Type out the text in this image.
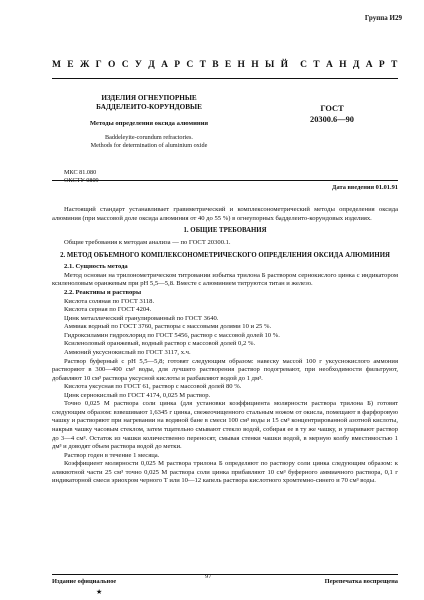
Группа И29
М Е Ж Г О С У Д А Р С Т В Е Н Н Ы Й С Т А Н Д А Р Т
ИЗДЕЛИЯ ОГНЕУПОРНЫЕ
БАДДЕЛЕИТО-КОРУНДОВЫЕ
Методы определения оксида алюминия
Baddeleyite-corundum refractories.
Methods for determination of aluminium oxide
ГОСТ
20300.6—90
МКС 81.080
ОКСТУ 0809
Дата введения 01.01.91

Настоящий стандарт устанавливает гравиметрический и комплексонометрический методы определения оксида алюминия (при массовой доле оксида алюминия от 40 до 55 %) в огнеупорных бадделеито-корундовых изделиях.

1. ОБЩИЕ ТРЕБОВАНИЯ

Общие требования к методам анализа — по ГОСТ 20300.1.

2. МЕТОД ОБЪЕМНОГО КОМПЛЕКСОНОМЕТРИЧЕСКОГО ОПРЕДЕЛЕНИЯ ОКСИДА АЛЮМИНИЯ

2.1. Сущность метода

Метод основан на трилонометрическом титровании избытка трилона Б раствором сернокислого цинка с индикатором ксиленоловым оранжевым при pH 5,5—5,8. Вместе с алюминием титруются титан и железо.

2.2. Реактивы и растворы

Кислота соляная по ГОСТ 3118.

Кислота серная по ГОСТ 4204.

Цинк металлический гранулированный по ГОСТ 3640.

Аммиак водный по ГОСТ 3760, растворы с массовыми долями 10 и 25 %.

Гидроксиламин гидрохлорид по ГОСТ 5456, раствор с массовой долей 10 %.

Ксиленоловый оранжевый, водный раствор с массовой долей 0,2 %.

Аммоний уксуснокислый по ГОСТ 3117, х.ч.

Раствор буферный с pH 5,5—5,8; готовят следующим образом: навеску массой 100 г уксуснокислого аммония растворяют в 300—400 см³ воды, для лучшего растворения раствор подогревают, при необходимости фильтруют, добавляют 10 см³ раствора уксусной кислоты и разбавляют водой до 1 дм³.

Кислота уксусная по ГОСТ 61, раствор с массовой долей 80 %.

Цинк сернокислый по ГОСТ 4174, 0,025 М раствор.

Точно 0,025 М раствора соли цинка (для установки коэффициента молярности раствора трилона Б) готовят следующим образом: взвешивают 1,6345 г цинка, свежеочищенного стальным ножом от окисла, помещают в фарфоровую чашку и растворяют при нагревании на водяной бане в смеси 100 см³ воды и 15 см³ концентрированной азотной кислоты, накрыв чашку часовым стеклом, затем тщательно смывают стекло водой, собирая ее в ту же чашку, и упаривают раствор до 3—4 см³. Остаток из чашки количественно переносят, смывая стенки чашки водой, в мерную колбу вместимостью 1 дм³ и доводят объем раствора водой до метки.

Раствор годен в течение 1 месяца.

Коэффициент молярности 0,025 М раствора трилона Б определяют по раствору соли цинка следующим образом: к аликвотной части 25 см³ точно 0,025 М раствора соли цинка прибавляют 10 см³ буферного аммиачного раствора, 0,1 г индикаторной смеси эриохром черного Т или 10—12 капель раствора кислотного хромтемно-синего и 70 см³ воды.

97
Издание официальное	Перепечатка воспрещена
★
